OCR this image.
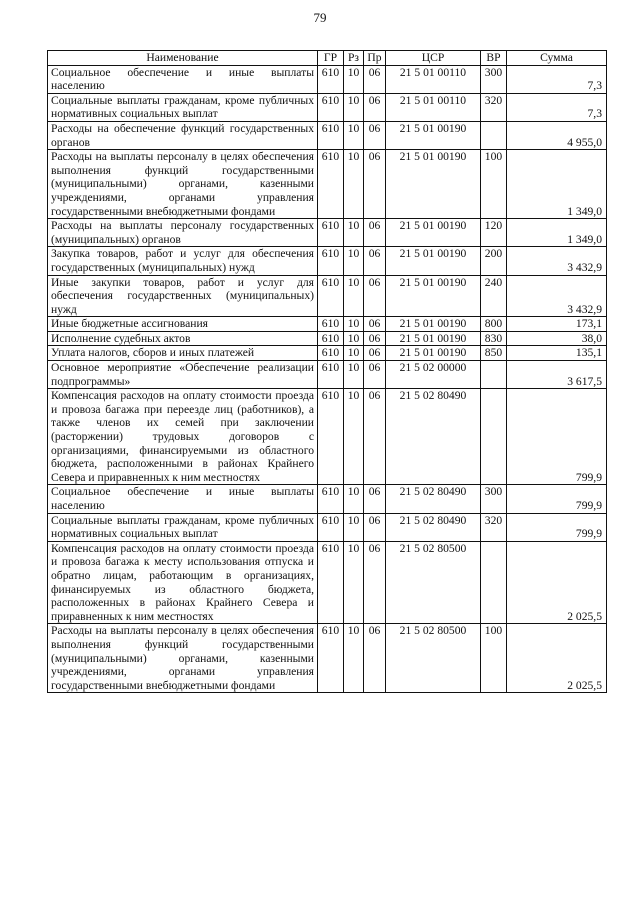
79
Наименование	ГР	Рз	Пр	ЦСР	ВР	Сумма
Социальное обеспечение и иные выплаты населению	610	10	06	21 5 01 00110	300	7,3
Социальные выплаты гражданам, кроме публичных нормативных социальных выплат	610	10	06	21 5 01 00110	320	7,3
Расходы на обеспечение функций государственных органов	610	10	06	21 5 01 00190		4 955,0
Расходы на выплаты персоналу в целях обеспечения выполнения функций государственными (муниципальными) органами, казенными учреждениями, органами управления государственными внебюджетными фондами	610	10	06	21 5 01 00190	100	1 349,0
Расходы на выплаты персоналу государственных (муниципальных) органов	610	10	06	21 5 01 00190	120	1 349,0
Закупка товаров, работ и услуг для обеспечения государственных (муниципальных) нужд	610	10	06	21 5 01 00190	200	3 432,9
Иные закупки товаров, работ и услуг для обеспечения государственных (муниципальных) нужд	610	10	06	21 5 01 00190	240	3 432,9
Иные бюджетные ассигнования	610	10	06	21 5 01 00190	800	173,1
Исполнение судебных актов	610	10	06	21 5 01 00190	830	38,0
Уплата налогов, сборов и иных платежей	610	10	06	21 5 01 00190	850	135,1
Основное мероприятие «Обеспечение реализации подпрограммы»	610	10	06	21 5 02 00000		3 617,5
Компенсация расходов на оплату стоимости проезда и провоза багажа при переезде лиц (работников), а также членов их семей при заключении (расторжении) трудовых договоров с организациями, финансируемыми из областного бюджета, расположенными в районах Крайнего Севера и приравненных к ним местностях	610	10	06	21 5 02 80490		799,9
Социальное обеспечение и иные выплаты населению	610	10	06	21 5 02 80490	300	799,9
Социальные выплаты гражданам, кроме публичных нормативных социальных выплат	610	10	06	21 5 02 80490	320	799,9
Компенсация расходов на оплату стоимости проезда и провоза багажа к месту использования отпуска и обратно лицам, работающим в организациях, финансируемых из областного бюджета, расположенных в районах Крайнего Севера и приравненных к ним местностях	610	10	06	21 5 02 80500		2 025,5
Расходы на выплаты персоналу в целях обеспечения выполнения функций государственными (муниципальными) органами, казенными учреждениями, органами управления государственными внебюджетными фондами	610	10	06	21 5 02 80500	100	2 025,5
